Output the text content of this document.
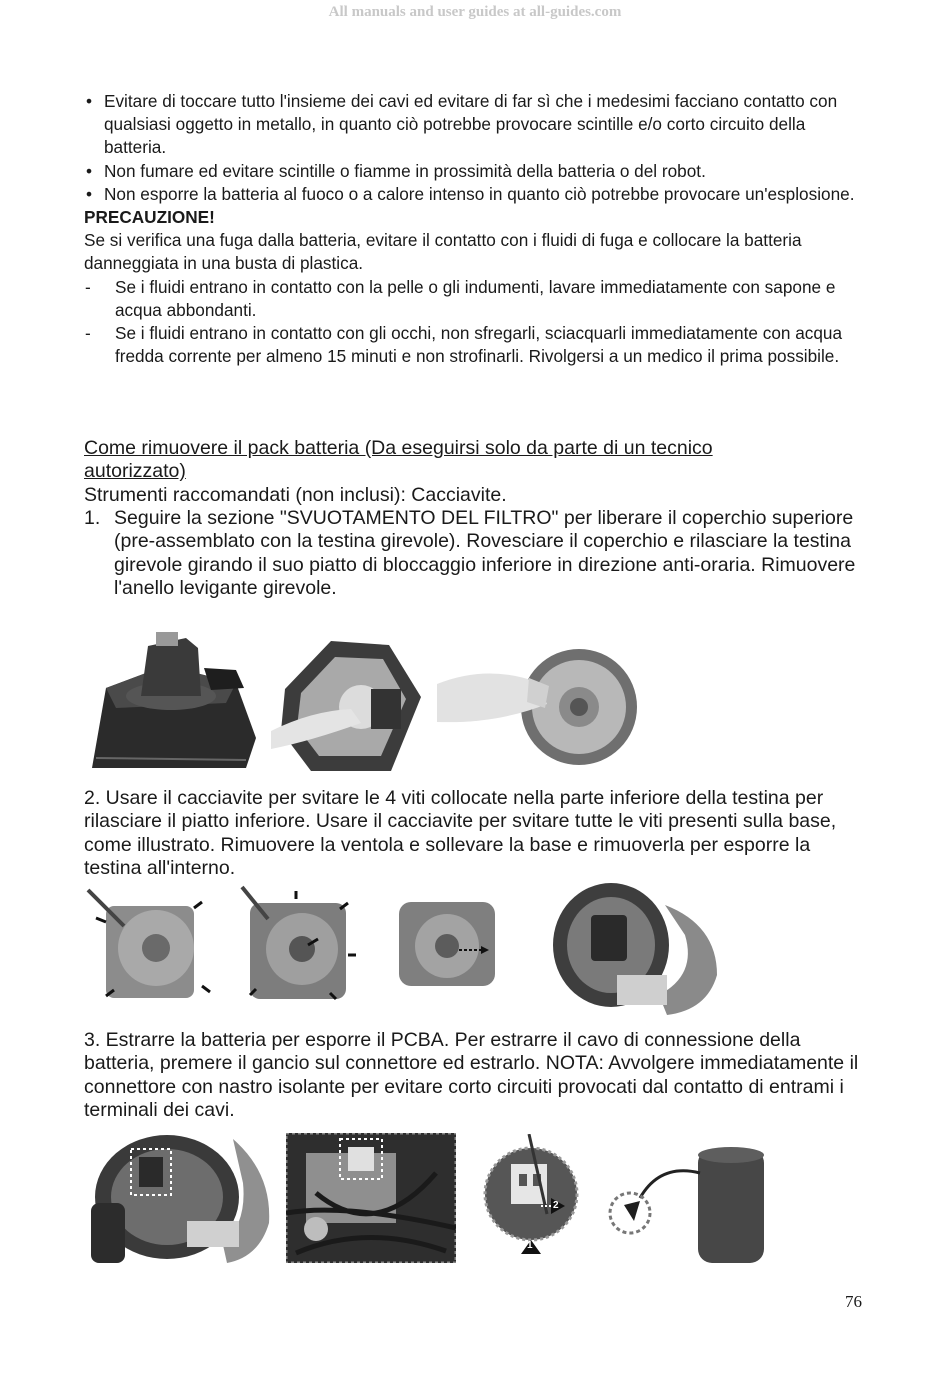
All manuals and user guides at all-guides.com
• Evitare di toccare tutto l'insieme dei cavi ed evitare di far sì che i medesimi facciano contatto con qualsiasi oggetto in metallo, in quanto ciò potrebbe provocare scintille e/o corto circuito della batteria.
• Non fumare ed evitare scintille o fiamme in prossimità della batteria o del robot.
• Non esporre la batteria al fuoco o a calore intenso in quanto ciò potrebbe provocare un'esplosione.
PRECAUZIONE!
Se si verifica una fuga dalla batteria, evitare il contatto con i fluidi di fuga e collocare la batteria danneggiata in una busta di plastica.
- Se i fluidi entrano in contatto con la pelle o gli indumenti, lavare immediatamente con sapone e acqua abbondanti.
- Se i fluidi entrano in contatto con gli occhi, non sfregarli, sciacquarli immediatamente con acqua fredda corrente per almeno 15 minuti e non strofinarli. Rivolgersi a un medico il prima possibile.
Come rimuovere il pack batteria (Da eseguirsi solo da parte di un tecnico autorizzato)
Strumenti raccomandati (non inclusi): Cacciavite.
1. Seguire la sezione "SVUOTAMENTO DEL FILTRO" per liberare il coperchio superiore (pre-assemblato con la testina girevole). Rovesciare il coperchio e rilasciare la testina girevole girando il suo piatto di bloccaggio inferiore in direzione anti-oraria. Rimuovere l'anello levigante girevole.
2. Usare il cacciavite per svitare le 4 viti collocate nella parte inferiore della testina per rilasciare il piatto inferiore. Usare il cacciavite per svitare tutte le viti presenti sulla base, come illustrato. Rimuovere la ventola e sollevare la base e rimuoverla per esporre la testina all'interno.
3. Estrarre la batteria per esporre il PCBA. Per estrarre il cavo di connessione della batteria, premere il gancio sul connettore ed estrarlo. NOTA: Avvolgere immediatamente il connettore con nastro isolante per evitare corto circuiti provocati dal contatto di entrami i terminali dei cavi.
1
2
76
